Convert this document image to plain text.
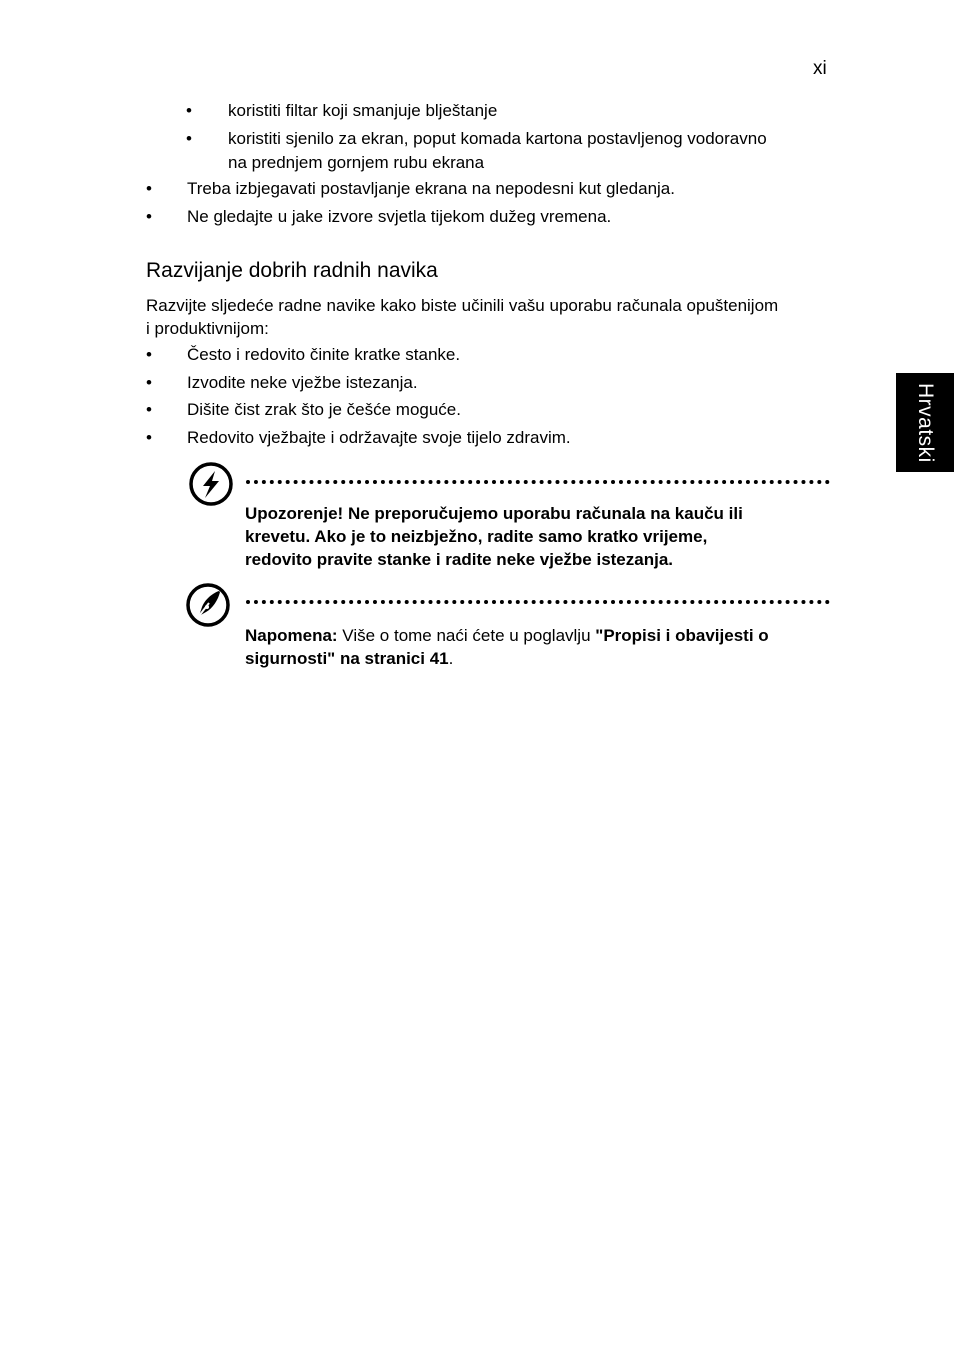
xi
Hrvatski
• koristiti filtar koji smanjuje blještanje
• koristiti sjenilo za ekran, poput komada kartona postavljenog vodoravno
na prednjem gornjem rubu ekrana
• Treba izbjegavati postavljanje ekrana na nepodesni kut gledanja.
• Ne gledajte u jake izvore svjetla tijekom dužeg vremena.
Razvijanje dobrih radnih navika
Razvijte sljedeće radne navike kako biste učinili vašu uporabu računala opuštenijom
i produktivnijom:
• Često i redovito činite kratke stanke.
• Izvodite neke vježbe istezanja.
• Dišite čist zrak što je češće moguće.
• Redovito vježbajte i održavajte svoje tijelo zdravim.
Upozorenje! Ne preporučujemo uporabu računala na kauču ili
krevetu. Ako je to neizbježno, radite samo kratko vrijeme,
redovito pravite stanke i radite neke vježbe istezanja.
Napomena: Više o tome naći ćete u poglavlju "Propisi i obavijesti o
sigurnosti" na stranici 41.
